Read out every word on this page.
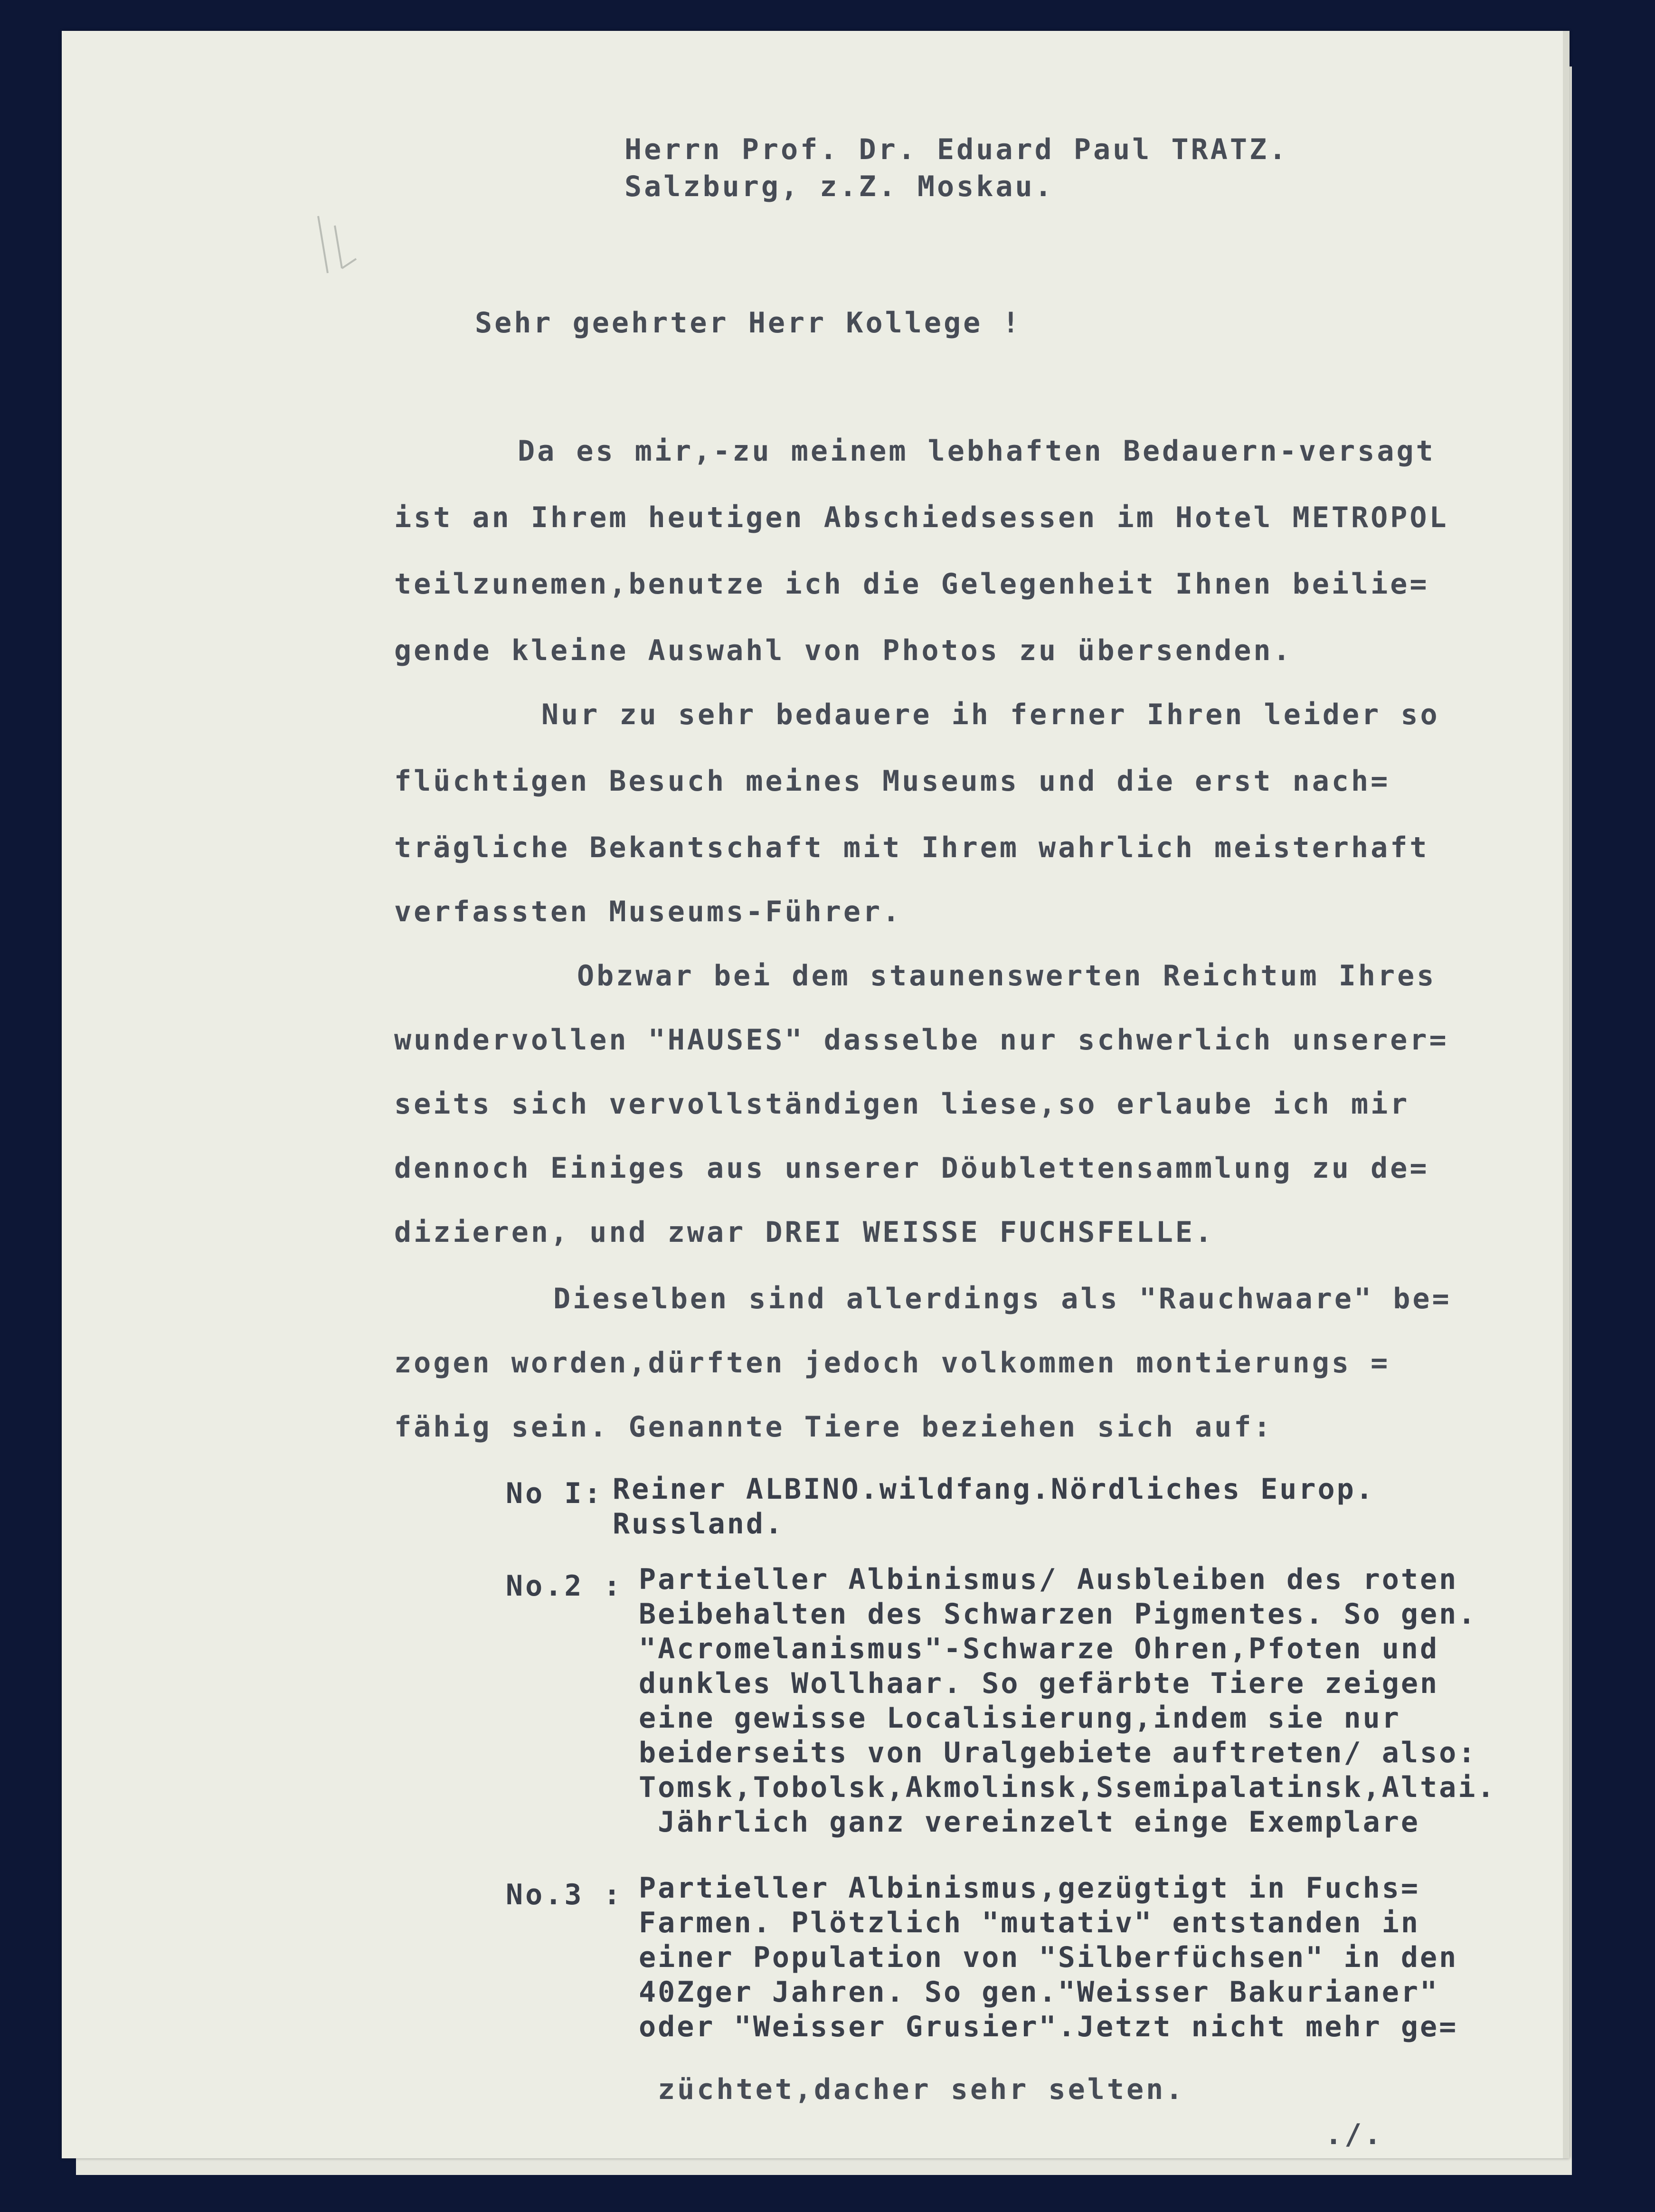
Herrn Prof. Dr. Eduard Paul TRATZ.
Salzburg, z.Z. Moskau.
Sehr geehrter Herr Kollege !
Da es mir,-zu meinem lebhaften Bedauern-versagt
ist an Ihrem heutigen Abschiedsessen im Hotel METROPOL
teilzunemen,benutze ich die Gelegenheit Ihnen beilie=
gende kleine Auswahl von Photos zu übersenden.
Nur zu sehr bedauere ih ferner Ihren leider so
flüchtigen Besuch meines Museums und die erst nach=
trägliche Bekantschaft mit Ihrem wahrlich meisterhaft
verfassten Museums-Führer.
Obzwar bei dem staunenswerten Reichtum Ihres
wundervollen "HAUSES" dasselbe nur schwerlich unserer=
seits sich vervollständigen liese,so erlaube ich mir
dennoch Einiges aus unserer Döublettensammlung zu de=
dizieren, und zwar DREI WEISSE FUCHSFELLE.
Dieselben sind allerdings als "Rauchwaare" be=
zogen worden,dürften jedoch volkommen montierungs =
fähig sein. Genannte Tiere beziehen sich auf:
No I: Reiner ALBINO.wildfang.Nördliches Europ.
Russland.
No.2 : Partieller Albinismus/ Ausbleiben des roten
Beibehalten des Schwarzen Pigmentes. So gen.
"Acromelanismus"-Schwarze Ohren,Pfoten und
dunkles Wollhaar. So gefärbte Tiere zeigen
eine gewisse Localisierung,indem sie nur
beiderseits von Uralgebiete auftreten/ also:
Tomsk,Tobolsk,Akmolinsk,Ssemipalatinsk,Altai.
Jährlich ganz vereinzelt einge Exemplare
No.3 : Partieller Albinismus,gezügtigt in Fuchs=
Farmen. Plötzlich "mutativ" entstanden in
einer Population von "Silberfüchsen" in den
40Zger Jahren. So gen."Weisser Bakurianer"
oder "Weisser Grusier".Jetzt nicht mehr ge=
züchtet,dacher sehr selten.
./.
